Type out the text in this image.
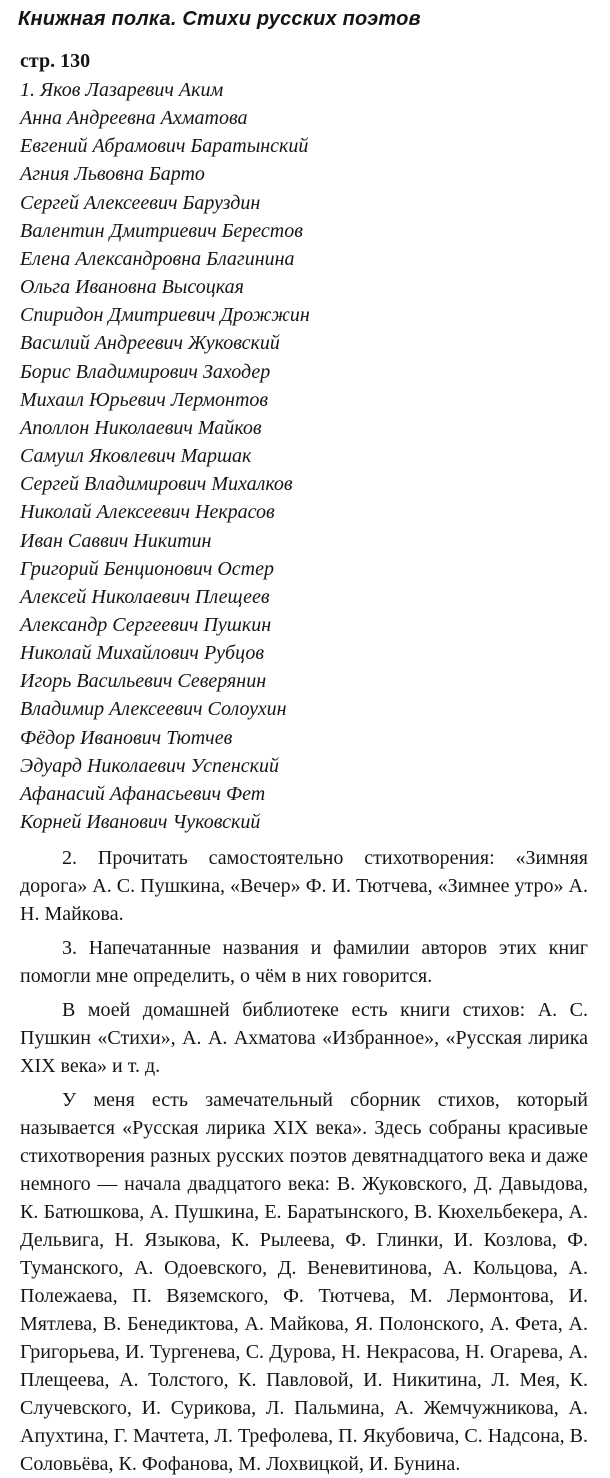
Книжная полка. Стихи русских поэтов
стр. 130
1. Яков Лазаревич Аким
Анна Андреевна Ахматова
Евгений Абрамович Баратынский
Агния Львовна Барто
Сергей Алексеевич Баруздин
Валентин Дмитриевич Берестов
Елена Александровна Благинина
Ольга Ивановна Высоцкая
Спиридон Дмитриевич Дрожжин
Василий Андреевич Жуковский
Борис Владимирович Заходер
Михаил Юрьевич Лермонтов
Аполлон Николаевич Майков
Самуил Яковлевич Маршак
Сергей Владимирович Михалков
Николай Алексеевич Некрасов
Иван Саввич Никитин
Григорий Бенционович Остер
Алексей Николаевич Плещеев
Александр Сергеевич Пушкин
Николай Михайлович Рубцов
Игорь Васильевич Северянин
Владимир Алексеевич Солоухин
Фёдор Иванович Тютчев
Эдуард Николаевич Успенский
Афанасий Афанасьевич Фет
Корней Иванович Чуковский

2. Прочитать самостоятельно стихотворения: «Зимняя дорога» А. С. Пушкина, «Вечер» Ф. И. Тютчева, «Зимнее утро» А. Н. Майкова.

3. Напечатанные названия и фамилии авторов этих книг помогли мне определить, о чём в них говорится.

В моей домашней библиотеке есть книги стихов: А. С. Пушкин «Стихи», А. А. Ахматова «Избранное», «Русская лирика XIX века» и т. д.

У меня есть замечательный сборник стихов, который называется «Русская лирика XIX века». Здесь собраны красивые стихотворения разных русских поэтов девятнадцатого века и даже немного — начала двадцатого века: В. Жуковского, Д. Давыдова, К. Батюшкова, А. Пушкина, Е. Баратынского, В. Кюхельбекера, А. Дельвига, Н. Языкова, К. Рылеева, Ф. Глинки, И. Козлова, Ф. Туманского, А. Одоевского, Д. Веневитинова, А. Кольцова, А. Полежаева, П. Вяземского, Ф. Тютчева, М. Лермонтова, И. Мятлева, В. Бенедиктова, А. Майкова, Я. Полонского, А. Фета, А. Григорьева, И. Тургенева, С. Дурова, Н. Некрасова, Н. Огарева, А. Плещеева, А. Толстого, К. Павловой, И. Никитина, Л. Мея, К. Случевского, И. Сурикова, Л. Пальмина, А. Жемчужникова, А. Апухтина, Г. Мачтета, Л. Трефолева, П. Якубовича, С. Надсона, В. Соловьёва, К. Фофанова, М. Лохвицкой, И. Бунина.
